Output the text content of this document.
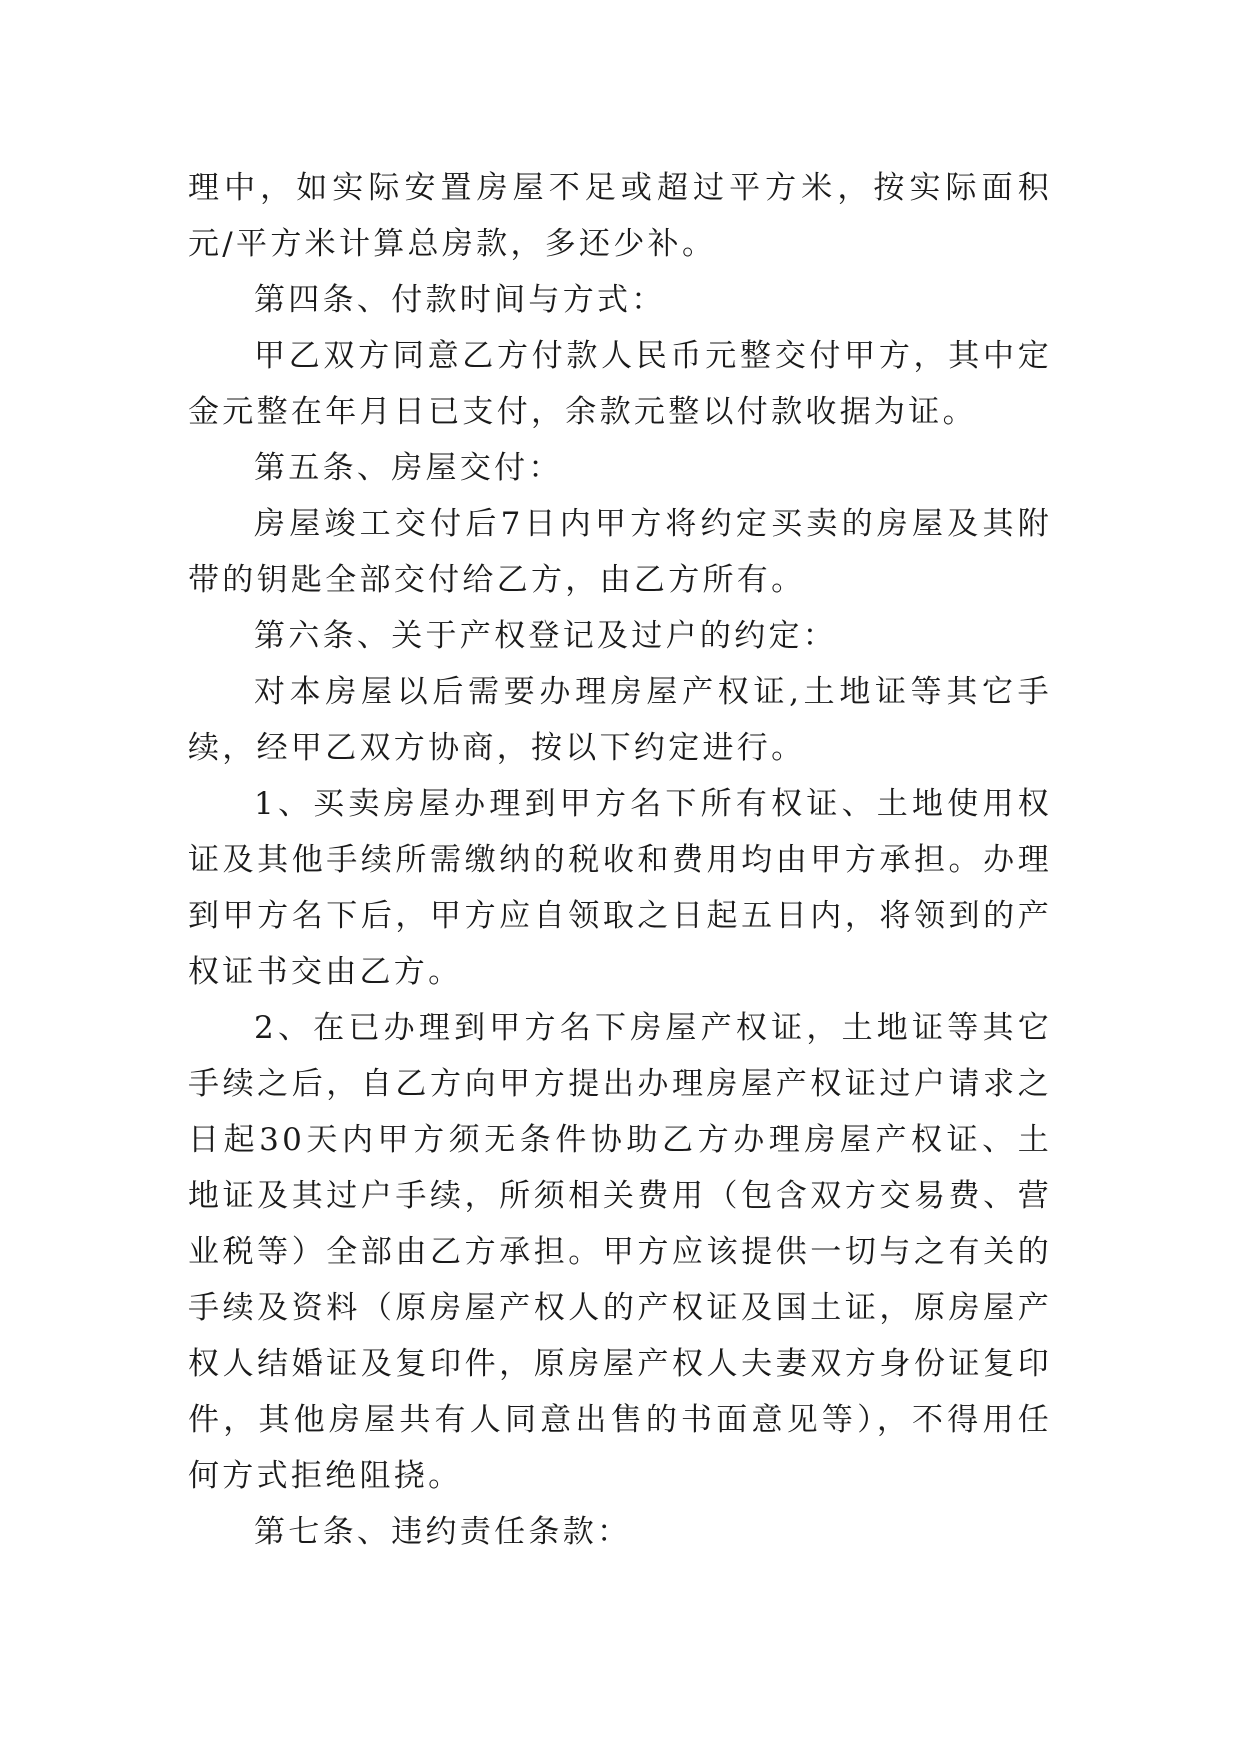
理中，如实际安置房屋不足或超过平方米，按实际面积元/平方米计算总房款，多还少补。

第四条、付款时间与方式：

甲乙双方同意乙方付款人民币元整交付甲方，其中定金元整在年月日已支付，余款元整以付款收据为证。

第五条、房屋交付：

房屋竣工交付后7日内甲方将约定买卖的房屋及其附带的钥匙全部交付给乙方，由乙方所有。

第六条、关于产权登记及过户的约定：

对本房屋以后需要办理房屋产权证,土地证等其它手续，经甲乙双方协商，按以下约定进行。

1、买卖房屋办理到甲方名下所有权证、土地使用权证及其他手续所需缴纳的税收和费用均由甲方承担。办理到甲方名下后，甲方应自领取之日起五日内，将领到的产权证书交由乙方。

2、在已办理到甲方名下房屋产权证，土地证等其它手续之后，自乙方向甲方提出办理房屋产权证过户请求之日起30天内甲方须无条件协助乙方办理房屋产权证、土地证及其过户手续，所须相关费用（包含双方交易费、营业税等）全部由乙方承担。甲方应该提供一切与之有关的手续及资料（原房屋产权人的产权证及国土证，原房屋产权人结婚证及复印件，原房屋产权人夫妻双方身份证复印件，其他房屋共有人同意出售的书面意见等），不得用任何方式拒绝阻挠。

第七条、违约责任条款：
